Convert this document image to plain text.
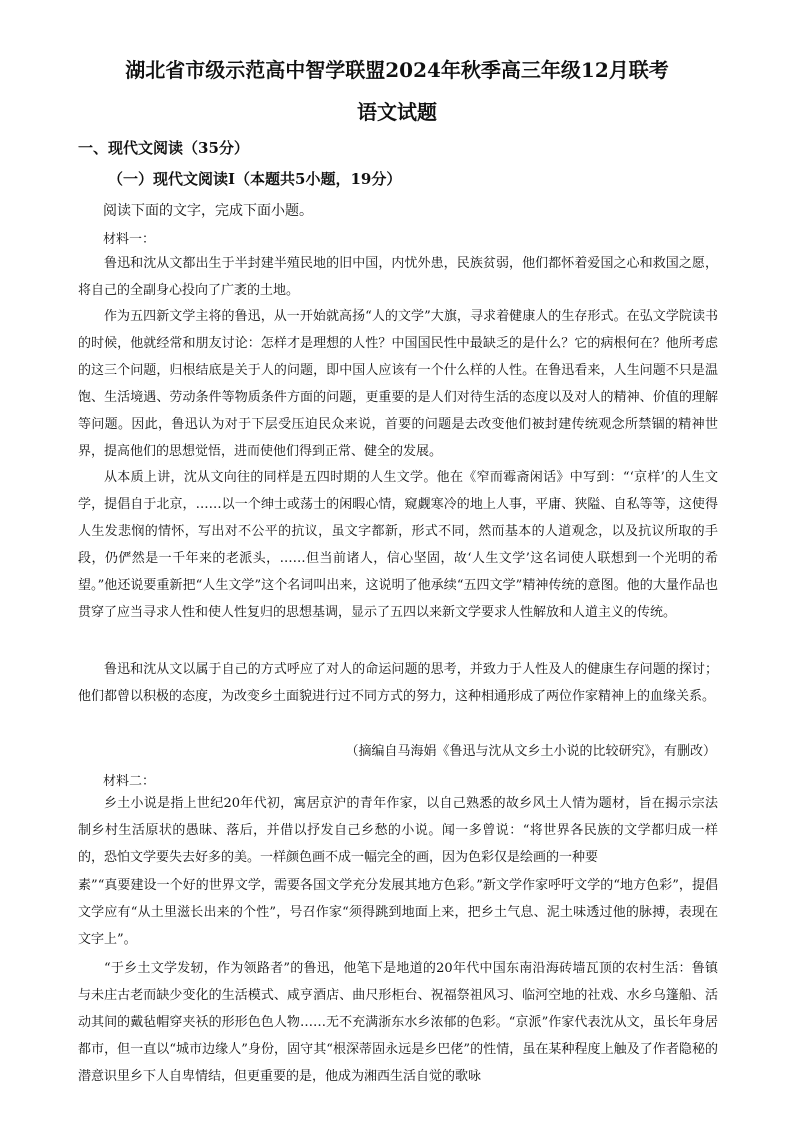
湖北省市级示范高中智学联盟2024年秋季高三年级12月联考
语文试题
一、现代文阅读（35分）
（一）现代文阅读Ⅰ（本题共5小题，19分）
阅读下面的文字，完成下面小题。
材料一：

鲁迅和沈从文都出生于半封建半殖民地的旧中国，内忧外患，民族贫弱，他们都怀着爱国之心和救国之愿，将自己的全副身心投向了广袤的土地。

作为五四新文学主将的鲁迅，从一开始就高扬“人的文学”大旗，寻求着健康人的生存形式。在弘文学院读书的时候，他就经常和朋友讨论：怎样才是理想的人性？中国国民性中最缺乏的是什么？它的病根何在？他所考虑的这三个问题，归根结底是关于人的问题，即中国人应该有一个什么样的人性。在鲁迅看来，人生问题不只是温饱、生活境遇、劳动条件等物质条件方面的问题，更重要的是人们对待生活的态度以及对人的精神、价值的理解等问题。因此，鲁迅认为对于下层受压迫民众来说，首要的问题是去改变他们被封建传统观念所禁锢的精神世界，提高他们的思想觉悟，进而使他们得到正常、健全的发展。

从本质上讲，沈从文向往的同样是五四时期的人生文学。他在《窄而霉斋闲话》中写到：“‘京样’的人生文学，提倡自于北京，……以一个绅士或荡士的闲暇心情，窥觑寒冷的地上人事，平庸、狭隘、自私等等，这使得人生发悲悯的情怀，写出对不公平的抗议，虽文字都新，形式不同，然而基本的人道观念，以及抗议所取的手段，仍俨然是一千年来的老派头，……但当前诸人，信心坚固，故‘人生文学’这名词使人联想到一个光明的希望。”他还说要重新把“人生文学”这个名词叫出来，这说明了他承续“五四文学”精神传统的意图。他的大量作品也贯穿了应当寻求人性和使人性复归的思想基调，显示了五四以来新文学要求人性解放和人道主义的传统。

鲁迅和沈从文以属于自己的方式呼应了对人的命运问题的思考，并致力于人性及人的健康生存问题的探讨；他们都曾以积极的态度，为改变乡土面貌进行过不同方式的努力，这种相通形成了两位作家精神上的血缘关系。

（摘编自马海娟《鲁迅与沈从文乡土小说的比较研究》，有删改）
材料二：

乡土小说是指上世纪20年代初，寓居京沪的青年作家，以自己熟悉的故乡风土人情为题材，旨在揭示宗法制乡村生活原状的愚昧、落后，并借以抒发自己乡愁的小说。闻一多曾说：“将世界各民族的文学都归成一样的，恐怕文学要失去好多的美。一样颜色画不成一幅完全的画，因为色彩仅是绘画的一种要

素”“真要建设一个好的世界文学，需要各国文学充分发展其地方色彩。”新文学作家呼吁文学的“地方色彩”，提倡文学应有“从土里滋长出来的个性”，号召作家“须得跳到地面上来，把乡土气息、泥土味透过他的脉搏，表现在文字上”。

“于乡土文学发轫，作为领路者”的鲁迅，他笔下是地道的20年代中国东南沿海砖墙瓦顶的农村生活：鲁镇与未庄古老而缺少变化的生活模式、咸亨酒店、曲尺形柜台、祝福祭祖风习、临河空地的社戏、水乡乌篷船、活动其间的戴毡帽穿夹袄的形形色色人物……无不充满浙东水乡浓郁的色彩。“京派”作家代表沈从文，虽长年身居都市，但一直以“城市边缘人”身份，固守其“根深蒂固永远是乡巴佬”的性情，虽在某种程度上触及了作者隐秘的潜意识里乡下人自卑情结，但更重要的是，他成为湘西生活自觉的歌咏
